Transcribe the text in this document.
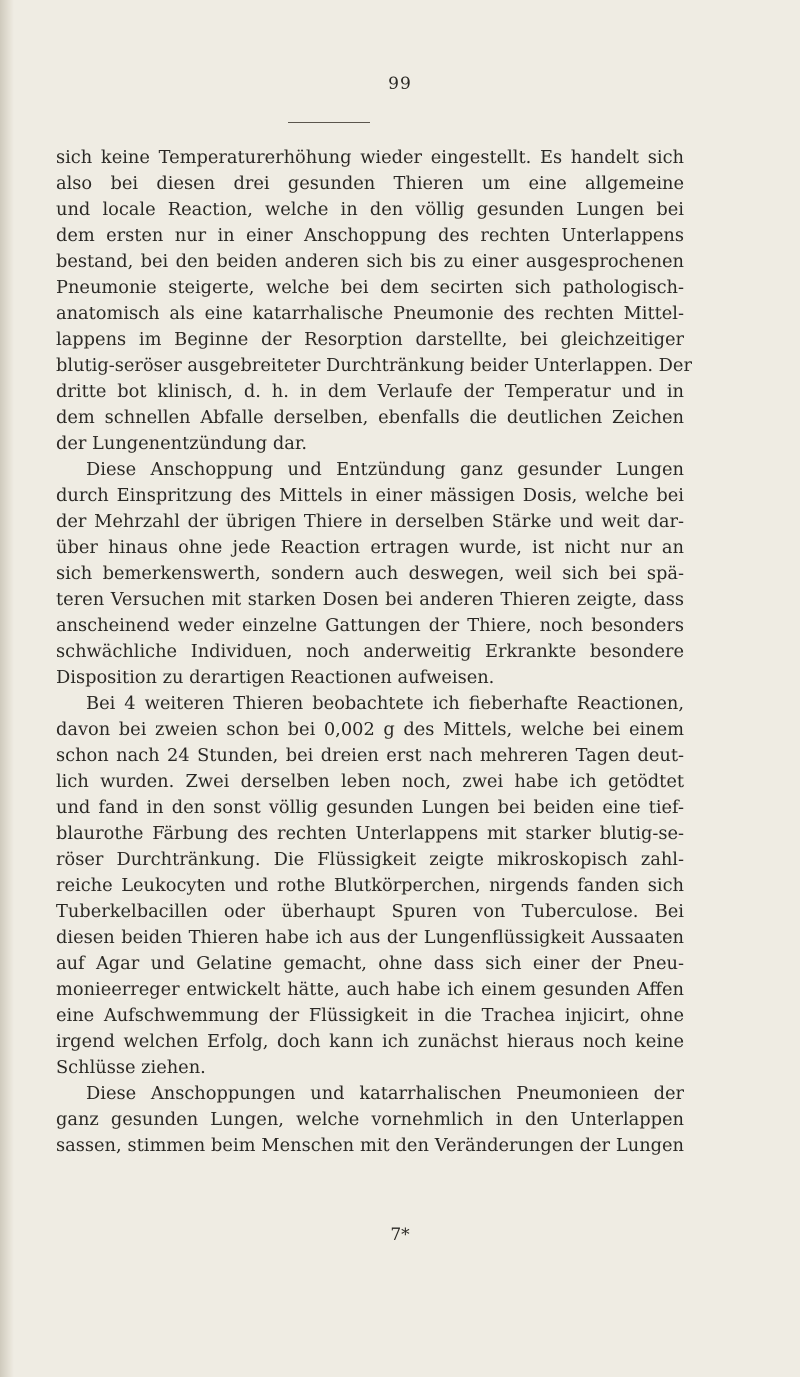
99
sich keine Temperaturerhöhung wieder eingestellt. Es handelt sich
also bei diesen drei gesunden Thieren um eine allgemeine
und locale Reaction, welche in den völlig gesunden Lungen bei
dem ersten nur in einer Anschoppung des rechten Unterlappens
bestand, bei den beiden anderen sich bis zu einer ausgesprochenen
Pneumonie steigerte, welche bei dem secirten sich pathologisch-
anatomisch als eine katarrhalische Pneumonie des rechten Mittel-
lappens im Beginne der Resorption darstellte, bei gleichzeitiger
blutig-seröser ausgebreiteter Durchtränkung beider Unterlappen. Der
dritte bot klinisch, d. h. in dem Verlaufe der Temperatur und in
dem schnellen Abfalle derselben, ebenfalls die deutlichen Zeichen
der Lungenentzündung dar.
Diese Anschoppung und Entzündung ganz gesunder Lungen
durch Einspritzung des Mittels in einer mässigen Dosis, welche bei
der Mehrzahl der übrigen Thiere in derselben Stärke und weit dar-
über hinaus ohne jede Reaction ertragen wurde, ist nicht nur an
sich bemerkenswerth, sondern auch deswegen, weil sich bei spä-
teren Versuchen mit starken Dosen bei anderen Thieren zeigte, dass
anscheinend weder einzelne Gattungen der Thiere, noch besonders
schwächliche Individuen, noch anderweitig Erkrankte besondere
Disposition zu derartigen Reactionen aufweisen.
Bei 4 weiteren Thieren beobachtete ich fieberhafte Reactionen,
davon bei zweien schon bei 0,002 g des Mittels, welche bei einem
schon nach 24 Stunden, bei dreien erst nach mehreren Tagen deut-
lich wurden. Zwei derselben leben noch, zwei habe ich getödtet
und fand in den sonst völlig gesunden Lungen bei beiden eine tief-
blaurothe Färbung des rechten Unterlappens mit starker blutig-se-
röser Durchtränkung. Die Flüssigkeit zeigte mikroskopisch zahl-
reiche Leukocyten und rothe Blutkörperchen, nirgends fanden sich
Tuberkelbacillen oder überhaupt Spuren von Tuberculose. Bei
diesen beiden Thieren habe ich aus der Lungenflüssigkeit Aussaaten
auf Agar und Gelatine gemacht, ohne dass sich einer der Pneu-
monieerreger entwickelt hätte, auch habe ich einem gesunden Affen
eine Aufschwemmung der Flüssigkeit in die Trachea injicirt, ohne
irgend welchen Erfolg, doch kann ich zunächst hieraus noch keine
Schlüsse ziehen.
Diese Anschoppungen und katarrhalischen Pneumonieen der
ganz gesunden Lungen, welche vornehmlich in den Unterlappen
sassen, stimmen beim Menschen mit den Veränderungen der Lungen
7*
